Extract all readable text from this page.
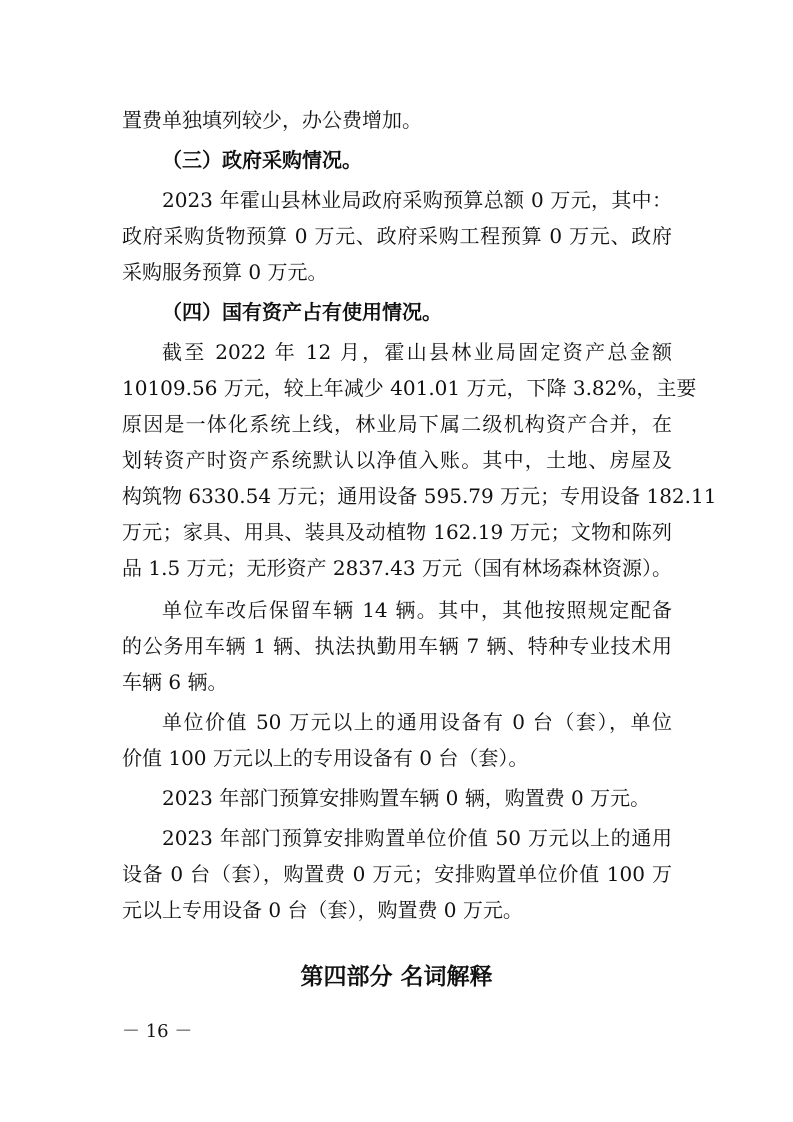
置费单独填列较少，办公费增加。
（三）政府采购情况。
2023 年霍山县林业局政府采购预算总额 0 万元，其中：
政府采购货物预算 0 万元、政府采购工程预算 0 万元、政府
采购服务预算 0 万元。
（四）国有资产占有使用情况。
截至 2022 年 12 月，霍山县林业局固定资产总金额
10109.56 万元，较上年减少 401.01 万元，下降 3.82%，主要
原因是一体化系统上线，林业局下属二级机构资产合并，在
划转资产时资产系统默认以净值入账。其中，土地、房屋及
构筑物 6330.54 万元；通用设备 595.79 万元；专用设备 182.11
万元；家具、用具、装具及动植物 162.19 万元；文物和陈列
品 1.5 万元；无形资产 2837.43 万元（国有林场森林资源）。
单位车改后保留车辆 14 辆。其中，其他按照规定配备
的公务用车辆 1 辆、执法执勤用车辆 7 辆、特种专业技术用
车辆 6 辆。
单位价值 50 万元以上的通用设备有 0 台（套），单位
价值 100 万元以上的专用设备有 0 台（套）。
2023 年部门预算安排购置车辆 0 辆，购置费 0 万元。
2023 年部门预算安排购置单位价值 50 万元以上的通用
设备 0 台（套），购置费 0 万元；安排购置单位价值 100 万
元以上专用设备 0 台（套），购置费 0 万元。
第四部分 名词解释
－ 16 －
